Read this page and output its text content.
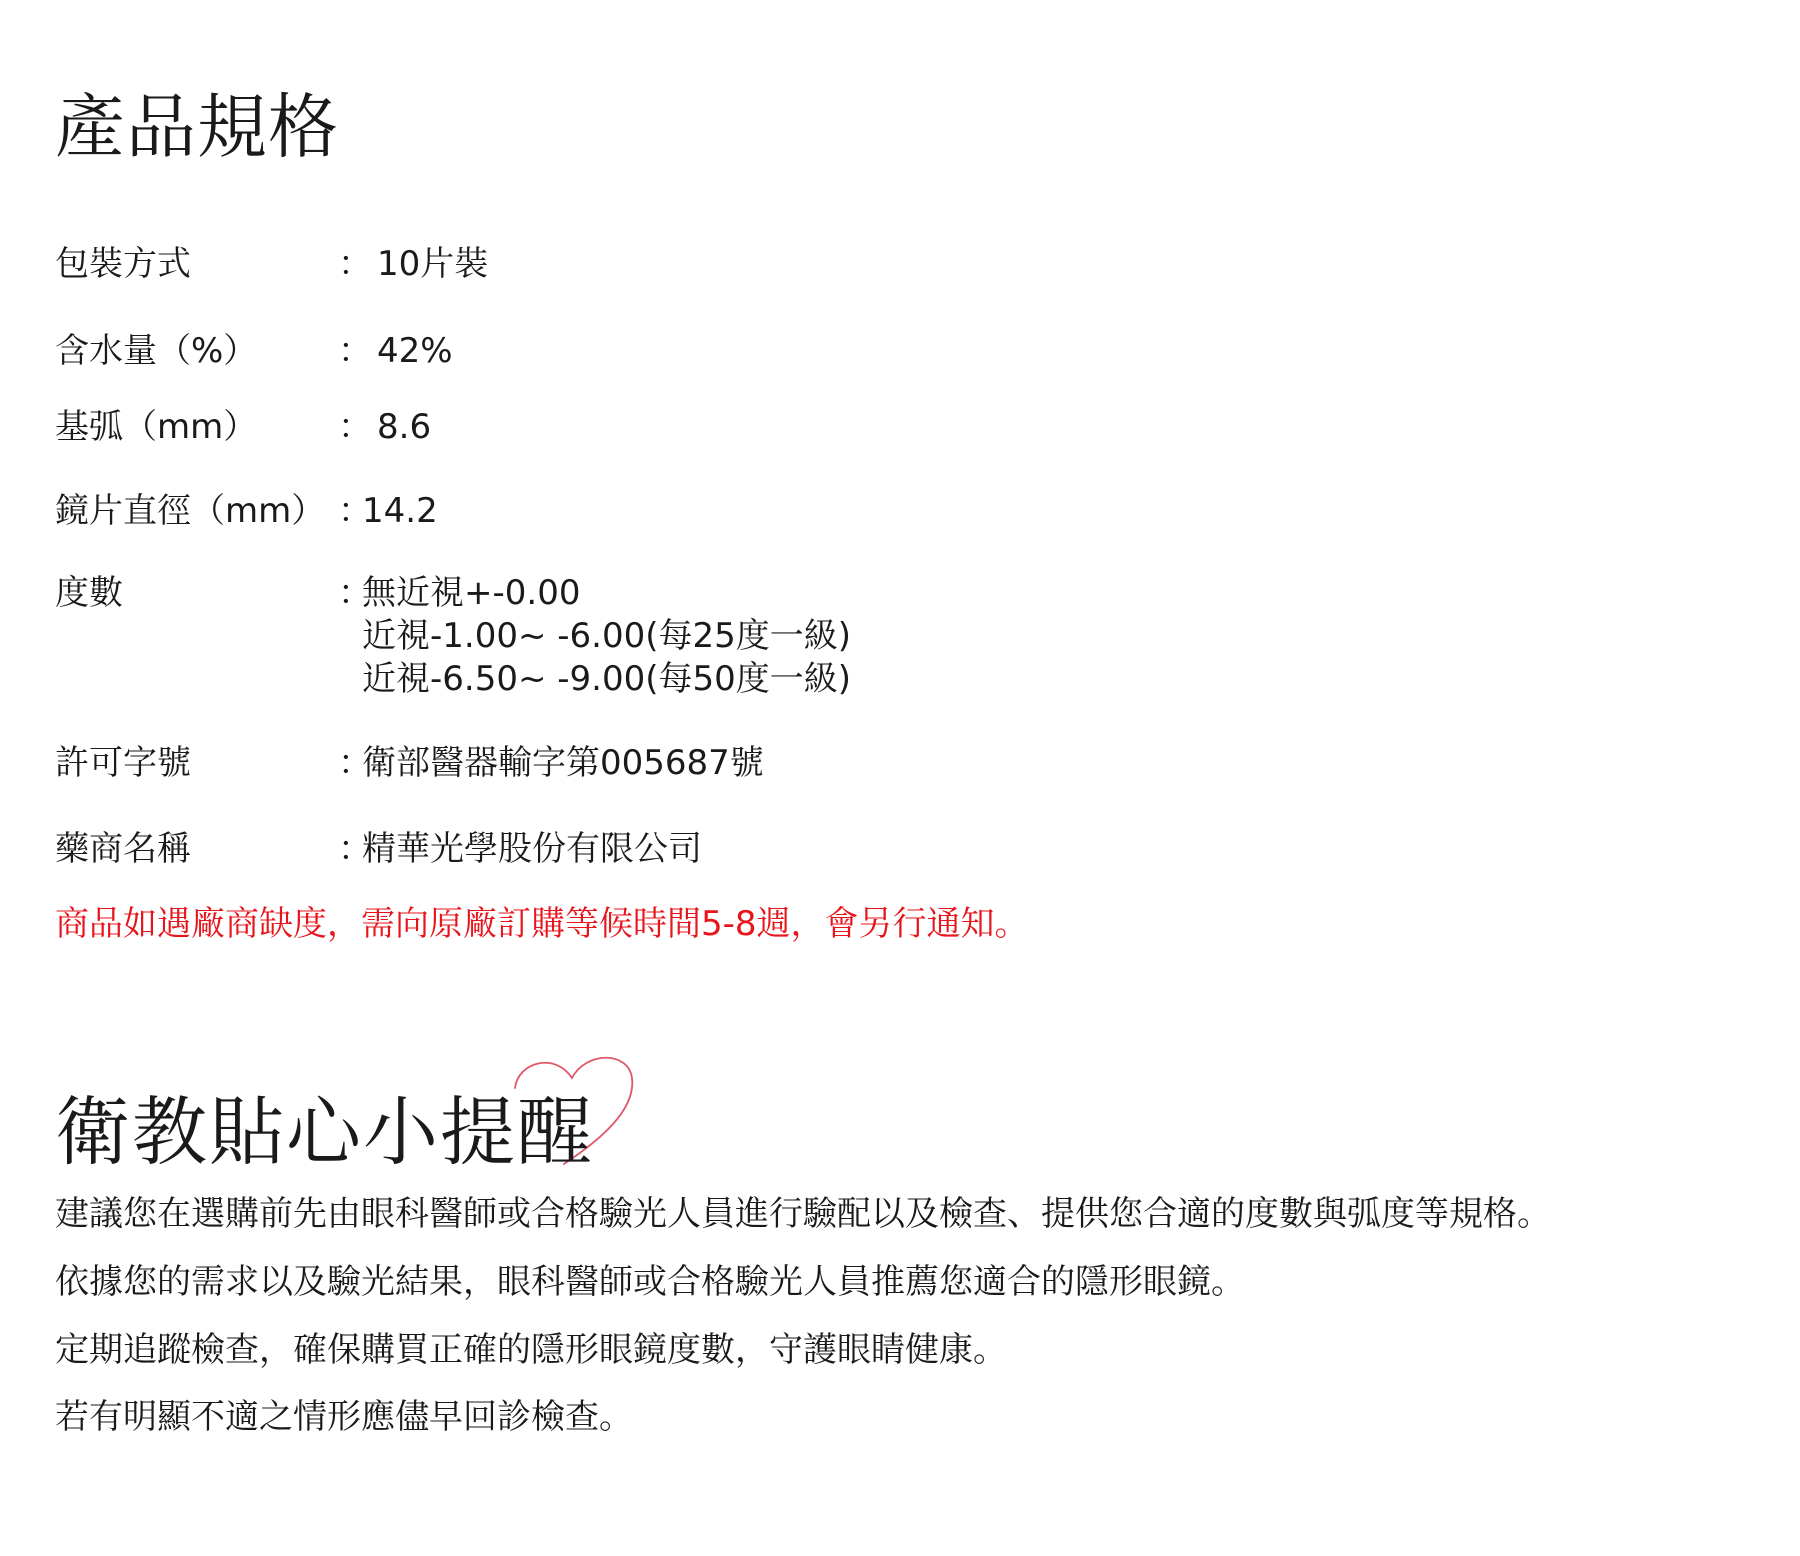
產品規格
包裝方式	： 10片裝
含水量（%） ： 42%
基弧（mm） ： 8.6
鏡片直徑（mm） ：
14.2
度數	：
無近視+-0.00
近視-1.00~ -6.00(每25度一級)
近視-6.50~ -9.00(每50度一級)
許可字號	：
衛部醫器輸字第005687號
藥商名稱	：
精華光學股份有限公司
商品如遇廠商缺度，需向原廠訂購等候時間5-8週，會另行通知。
衛教貼心小提醒
建議您在選購前先由眼科醫師或合格驗光人員進行驗配以及檢查、提供您合適的度數與弧度等規格。
依據您的需求以及驗光結果，眼科醫師或合格驗光人員推薦您適合的隱形眼鏡。
定期追蹤檢查，確保購買正確的隱形眼鏡度數，守護眼睛健康。
若有明顯不適之情形應儘早回診檢查。
